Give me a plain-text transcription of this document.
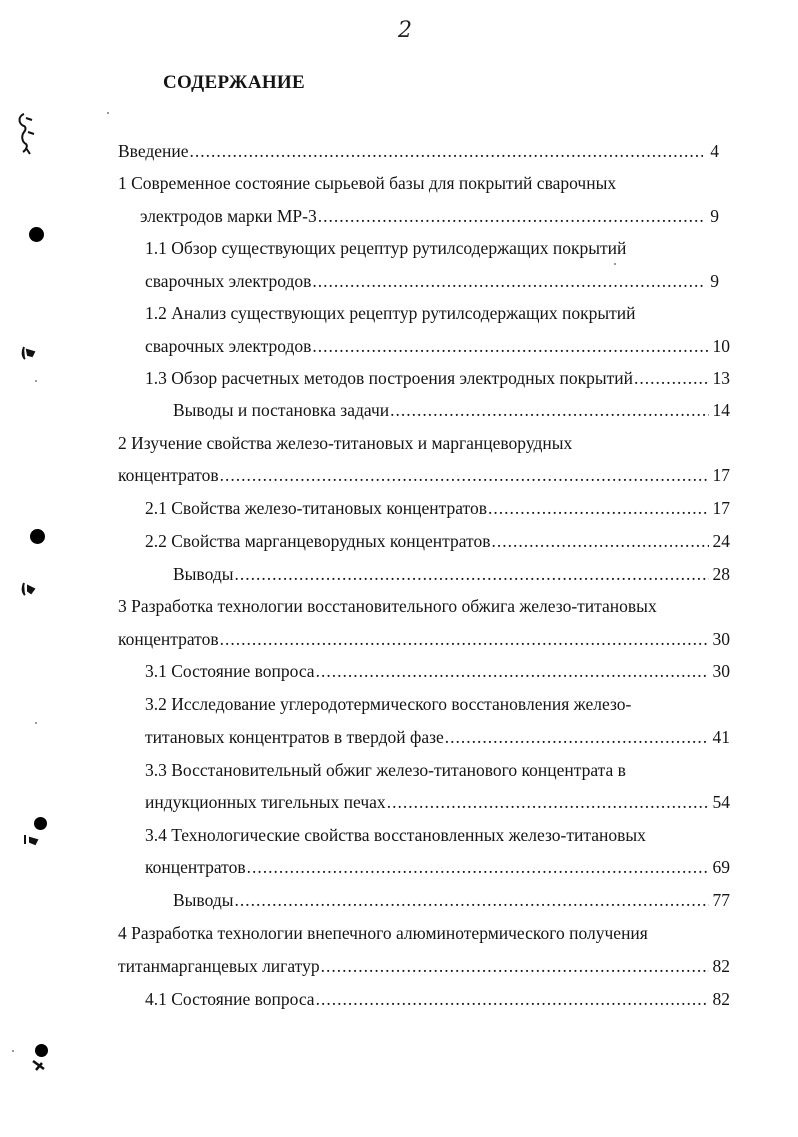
2
СОДЕРЖАНИЕ
Введение .....	4
1 Современное состояние сырьевой базы для покрытий сварочных
электродов марки МР-3 .....	9
1.1 Обзор существующих рецептур рутилсодержащих покрытий
сварочных электродов .....	9
1.2 Анализ существующих рецептур рутилсодержащих покрытий
сварочных электродов .....	10
1.3 Обзор расчетных методов построения электродных покрытий .....	13
Выводы и постановка задачи .....	14
2 Изучение свойства железо-титановых и марганцеворудных
концентратов .....	17
2.1 Свойства железо-титановых концентратов .....	17
2.2 Свойства марганцеворудных концентратов .....	24
Выводы .....	28
3 Разработка технологии восстановительного обжига железо-титановых
концентратов .....	30
3.1 Состояние вопроса .....	30
3.2 Исследование углеродотермического восстановления железо-
титановых концентратов в твердой фазе .....	41
3.3 Восстановительный обжиг железо-титанового концентрата в
индукционных тигельных печах .....	54
3.4 Технологические свойства восстановленных железо-титановых
концентратов .....	69
Выводы .....	77
4 Разработка технологии внепечного алюминотермического получения
титанмарганцевых лигатур .....	82
4.1 Состояние вопроса .....	82
